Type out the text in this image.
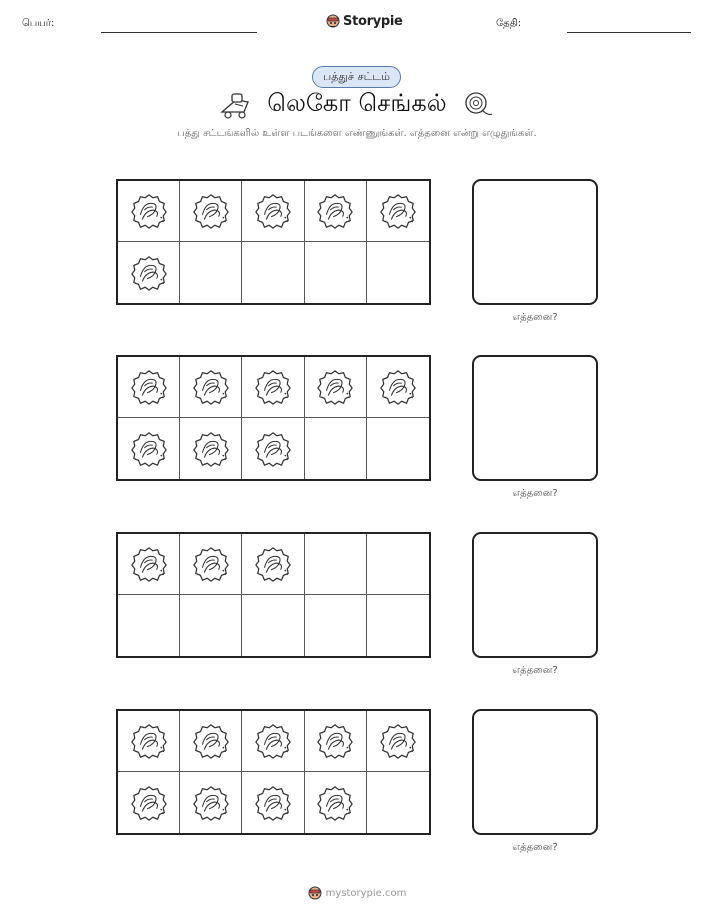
பெயர்:	Storypie	தேதி:
பத்துச் சட்டம்
லெகோ செங்கல்
பத்து சட்டங்களில் உள்ள படங்களை எண்ணுங்கள். எத்தனை என்று எழுதுங்கள்.
எத்தனை?
எத்தனை?
எத்தனை?
எத்தனை?
mystorypie.com
